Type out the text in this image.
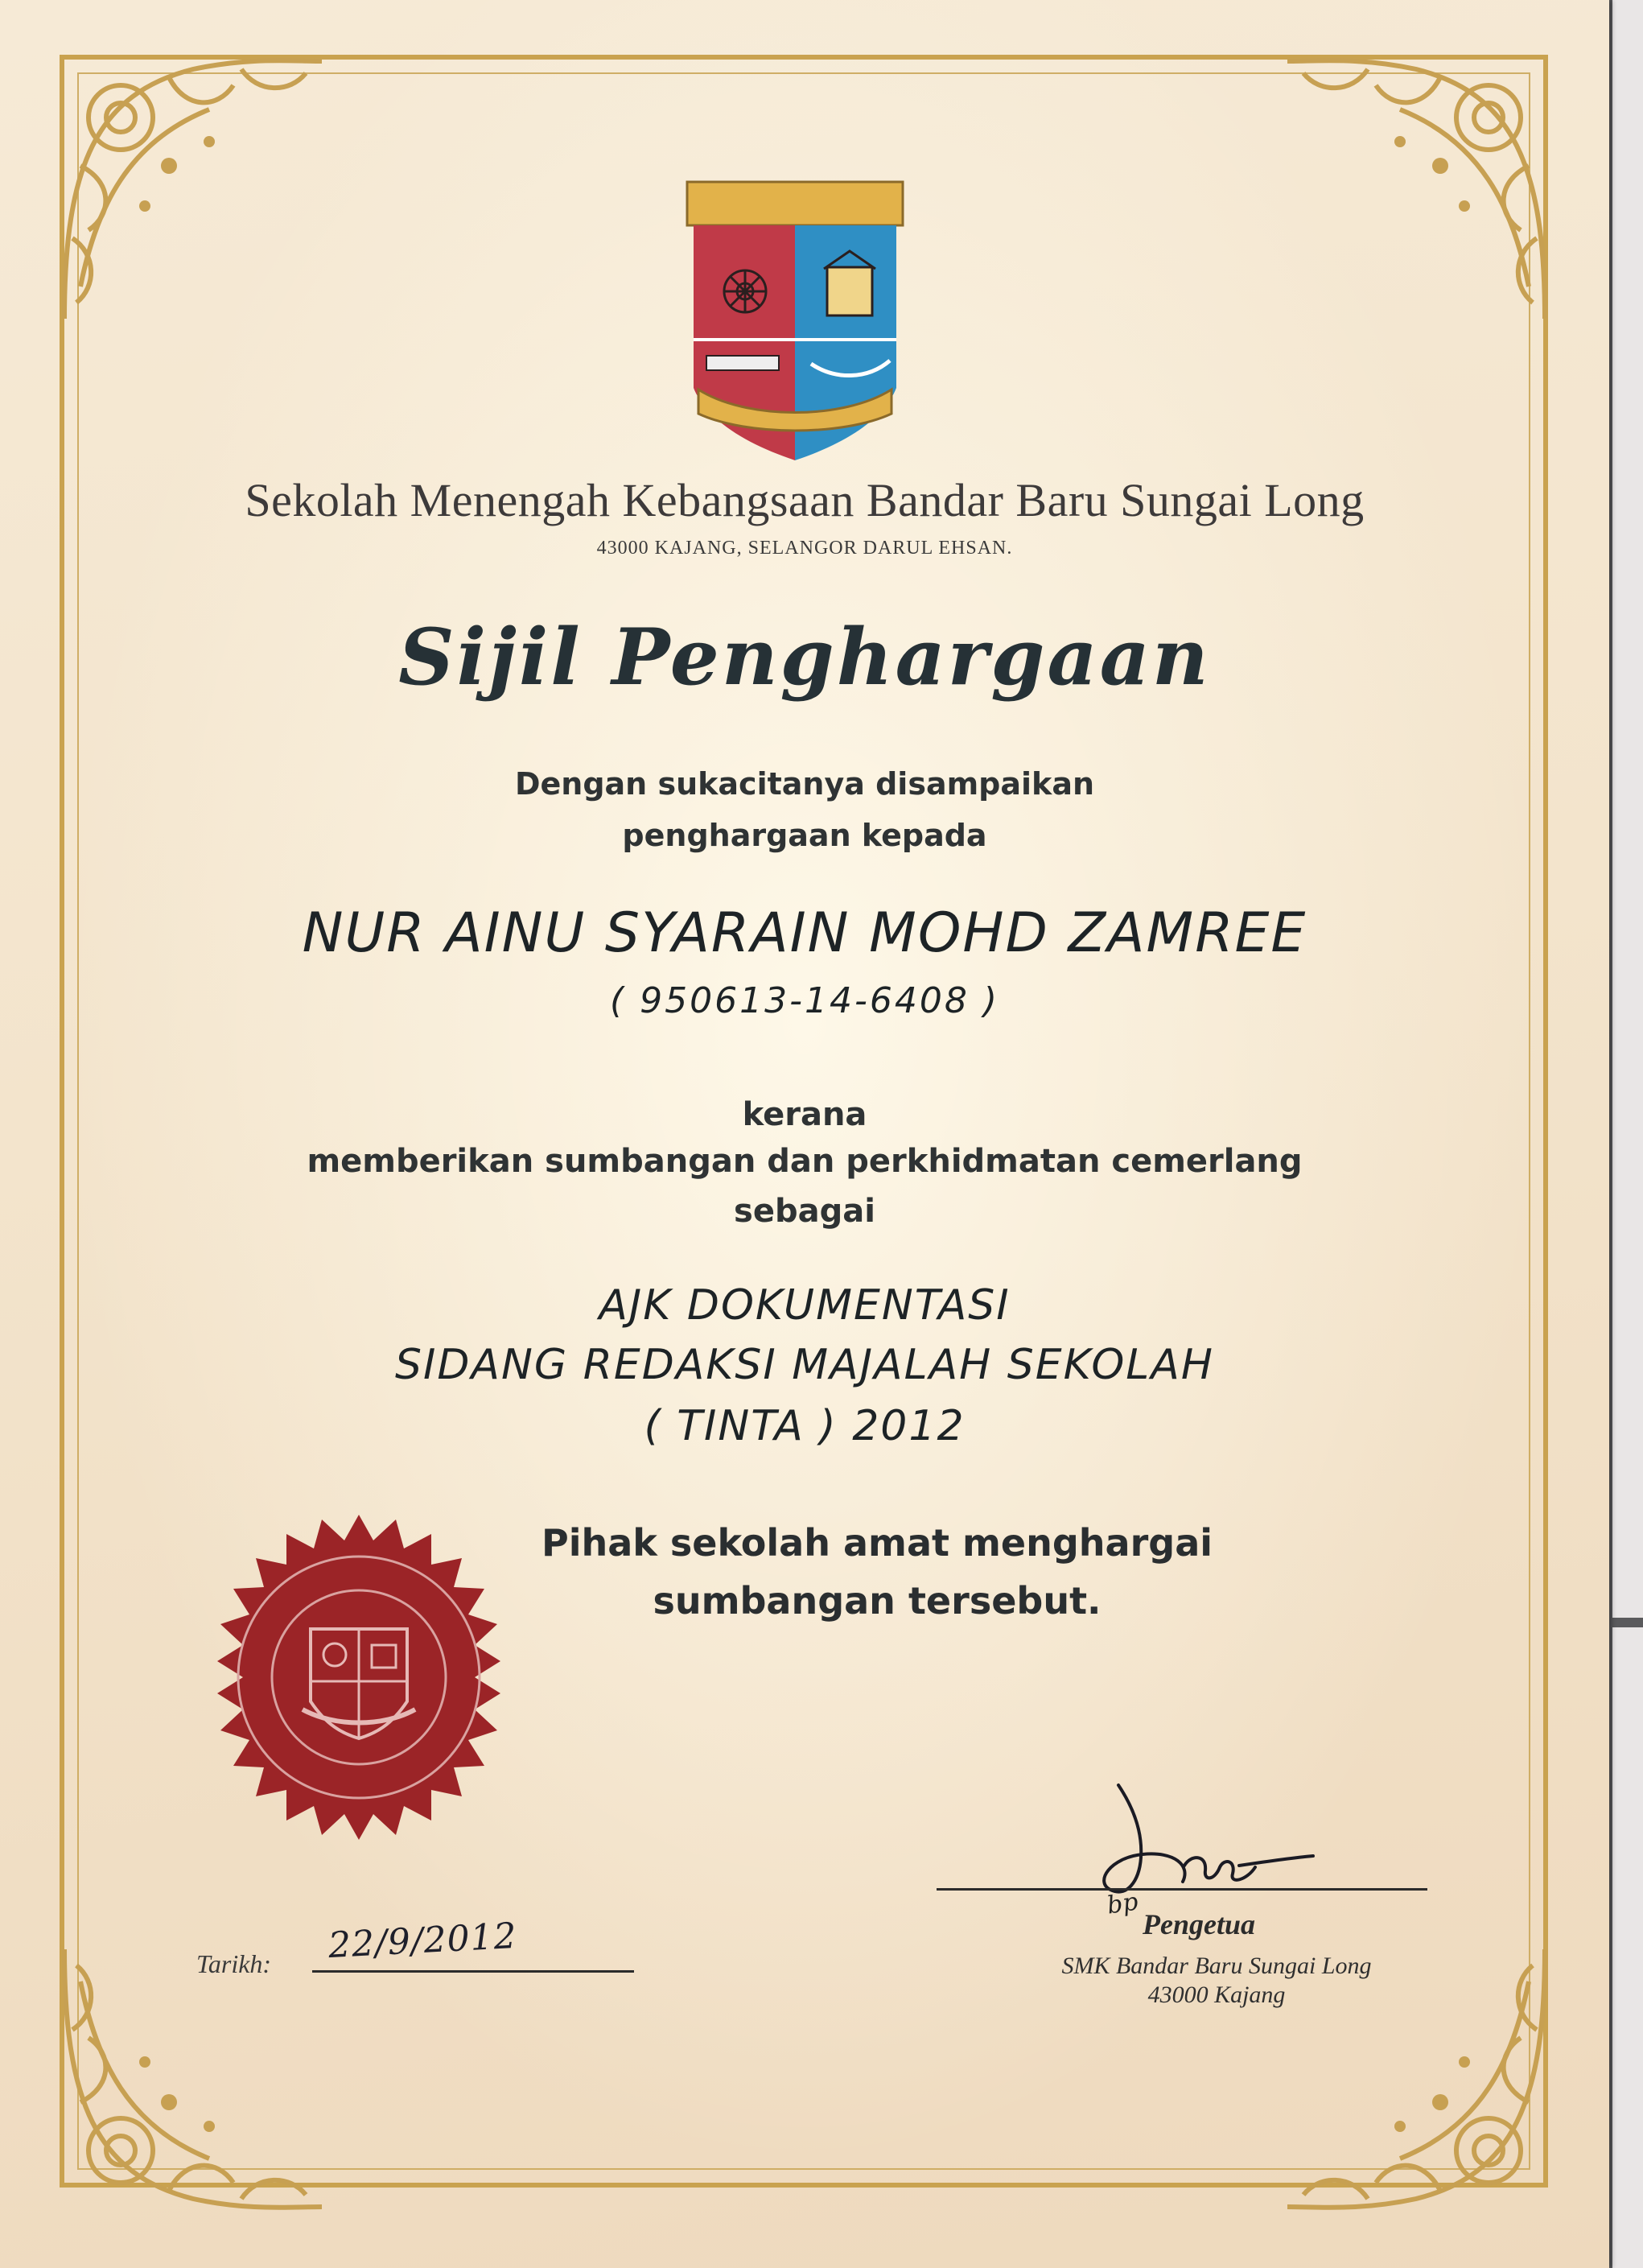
Sekolah Menengah Kebangsaan Bandar Baru Sungai Long

43000 KAJANG, SELANGOR DARUL EHSAN.

Sijil Penghargaan

Dengan sukacitanya disampaikan

penghargaan kepada

NUR AINU SYARAIN MOHD ZAMREE

( 950613-14-6408 )

kerana

memberikan sumbangan dan perkhidmatan cemerlang

sebagai

AJK DOKUMENTASI

SIDANG REDAKSI MAJALAH SEKOLAH

( TINTA ) 2012

Pihak sekolah amat menghargai

sumbangan tersebut.

Tarikh: 22/9/2012
bp
Pengetua
SMK Bandar Baru Sungai Long
43000 Kajang
